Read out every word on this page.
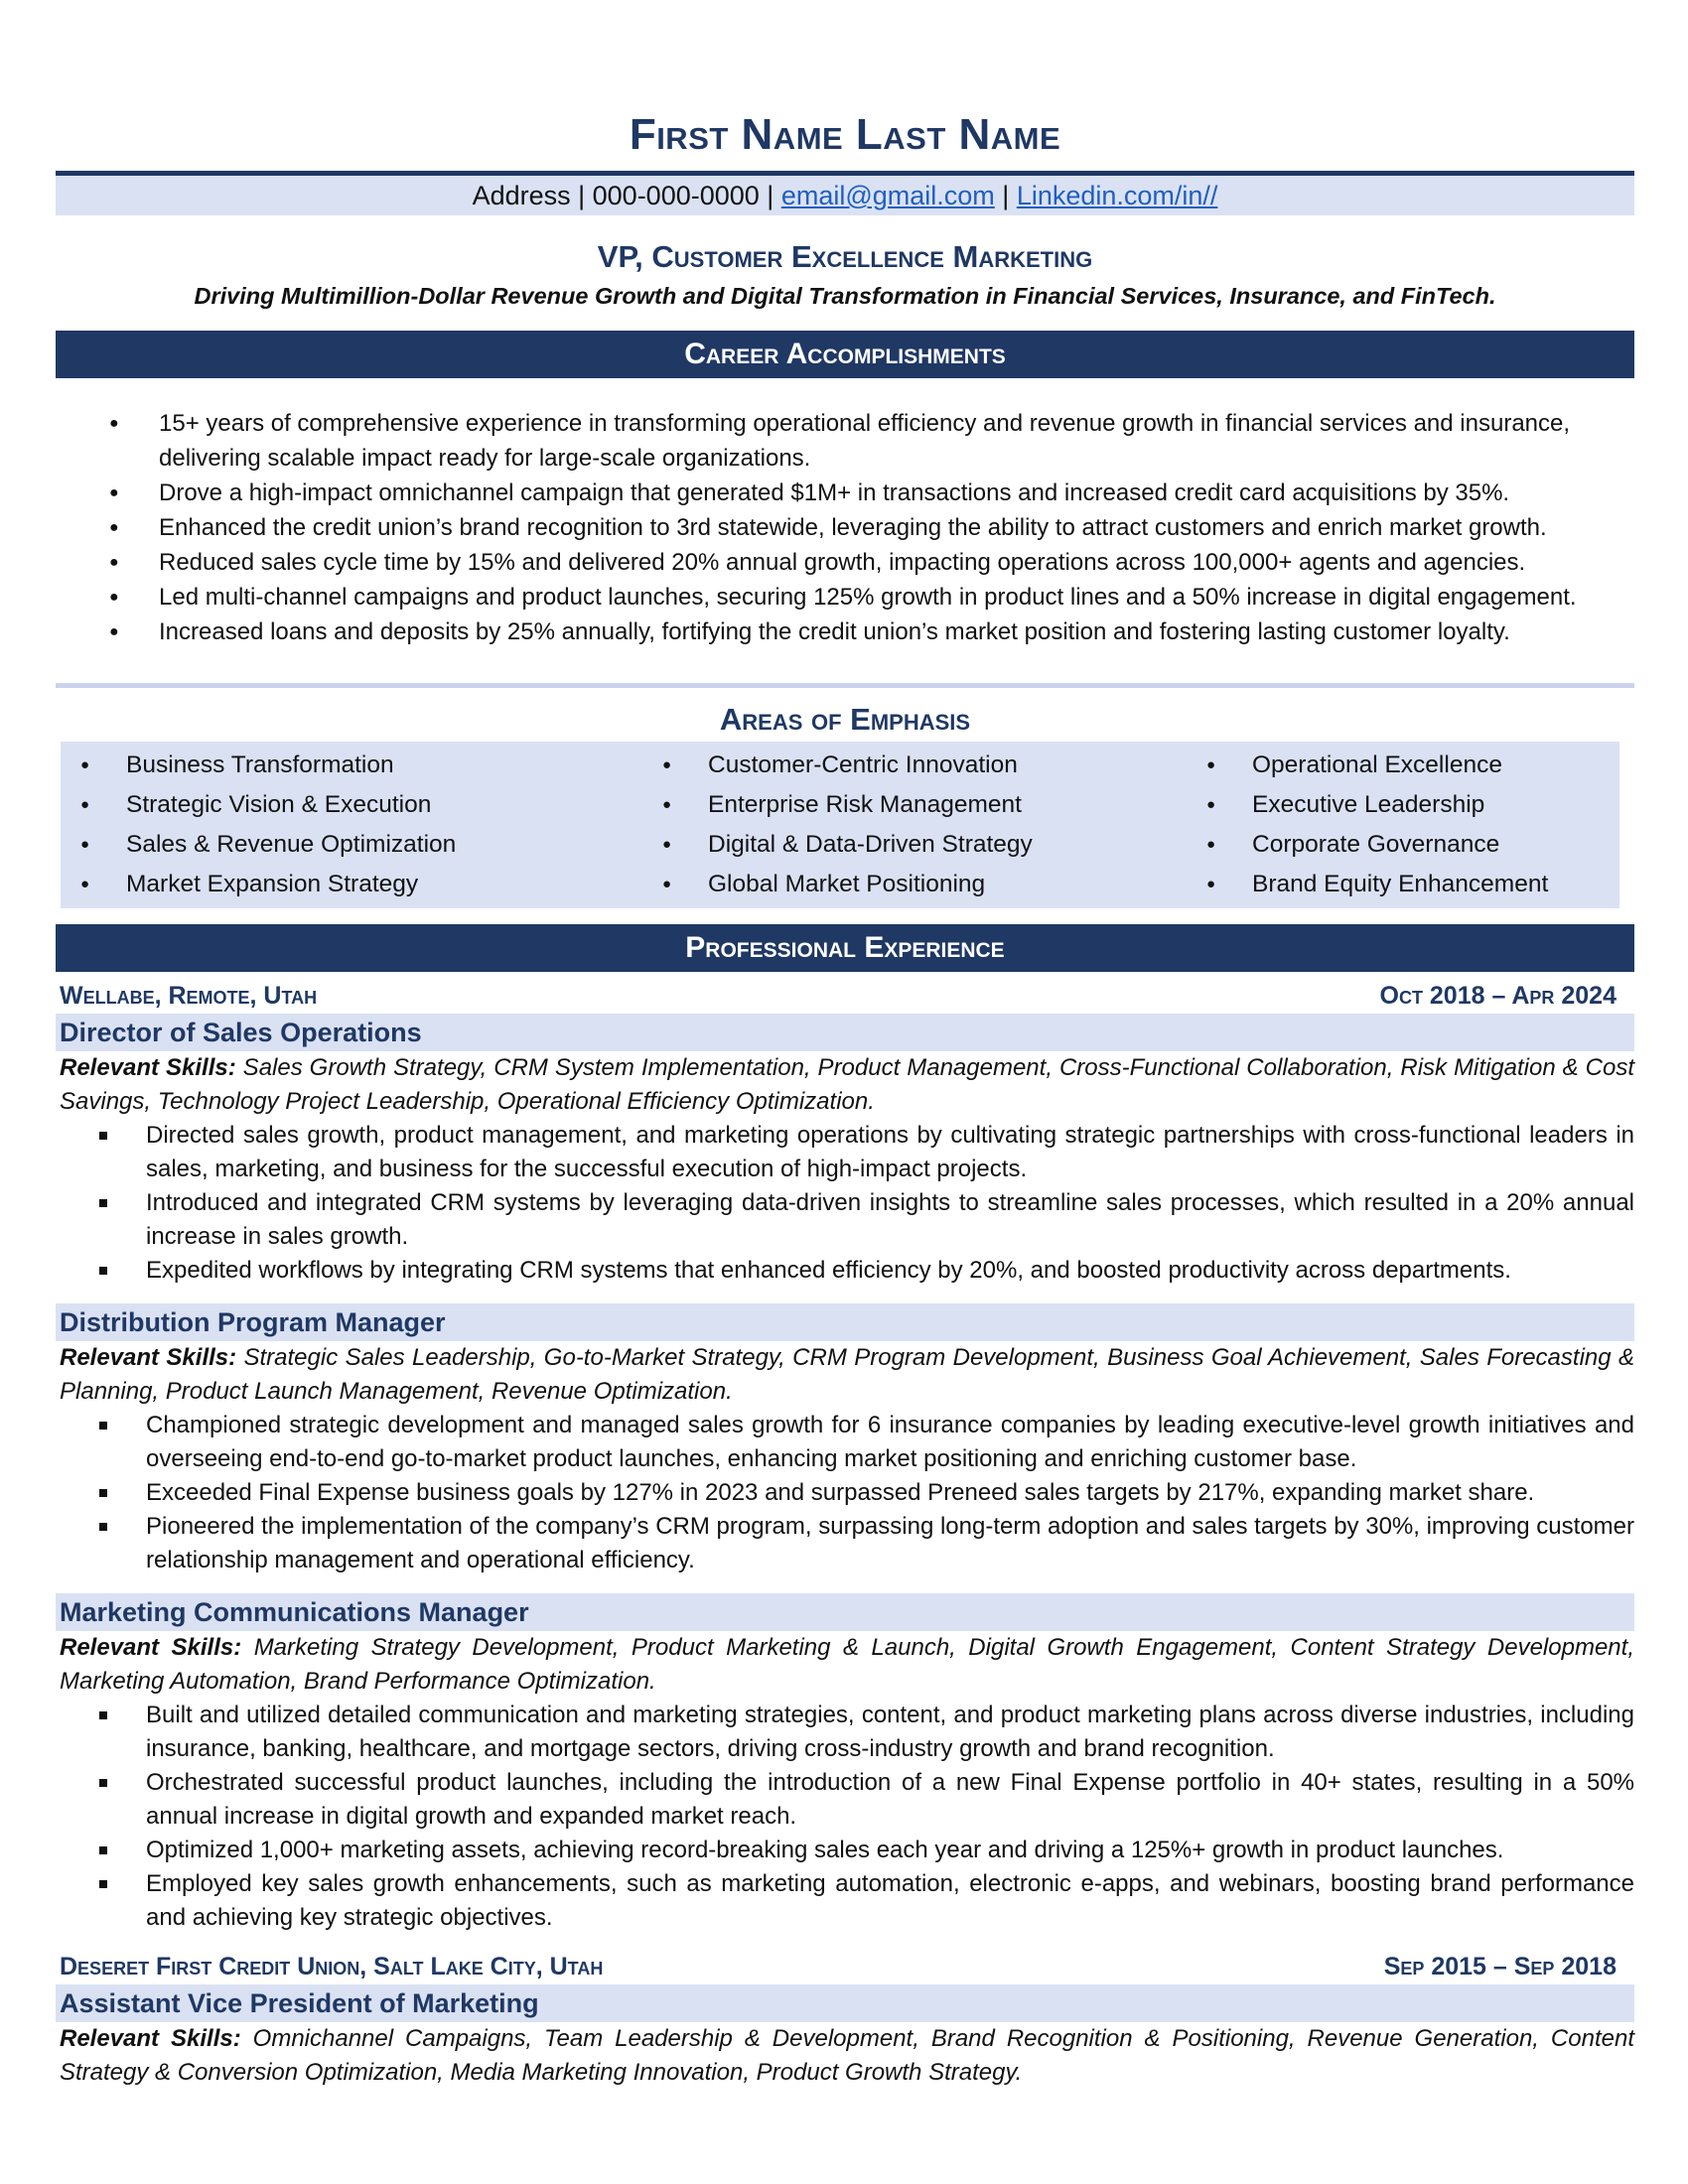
First Name Last Name
Address | 000-000-0000 | email@gmail.com | Linkedin.com/in//
VP, Customer Excellence Marketing
Driving Multimillion-Dollar Revenue Growth and Digital Transformation in Financial Services, Insurance, and FinTech.
Career Accomplishments
● 15+ years of comprehensive experience in transforming operational efficiency and revenue growth in financial services and insurance, delivering scalable impact ready for large-scale organizations.
● Drove a high-impact omnichannel campaign that generated $1M+ in transactions and increased credit card acquisitions by 35%.
● Enhanced the credit union’s brand recognition to 3rd statewide, leveraging the ability to attract customers and enrich market growth.
● Reduced sales cycle time by 15% and delivered 20% annual growth, impacting operations across 100,000+ agents and agencies.
● Led multi-channel campaigns and product launches, securing 125% growth in product lines and a 50% increase in digital engagement.
● Increased loans and deposits by 25% annually, fortifying the credit union’s market position and fostering lasting customer loyalty.
Areas of Emphasis
● Business Transformation	● Customer-Centric Innovation	● Operational Excellence
● Strategic Vision & Execution	● Enterprise Risk Management	● Executive Leadership
● Sales & Revenue Optimization	● Digital & Data-Driven Strategy	● Corporate Governance
● Market Expansion Strategy	● Global Market Positioning	● Brand Equity Enhancement
Professional Experience
Wellabe, Remote, Utah	Oct 2018 – Apr 2024
Director of Sales Operations
Relevant Skills: Sales Growth Strategy, CRM System Implementation, Product Management, Cross-Functional Collaboration, Risk Mitigation & Cost Savings, Technology Project Leadership, Operational Efficiency Optimization.
Directed sales growth, product management, and marketing operations by cultivating strategic partnerships with cross-functional leaders in sales, marketing, and business for the successful execution of high-impact projects.
Introduced and integrated CRM systems by leveraging data-driven insights to streamline sales processes, which resulted in a 20% annual increase in sales growth.
Expedited workflows by integrating CRM systems that enhanced efficiency by 20%, and boosted productivity across departments.
Distribution Program Manager
Relevant Skills: Strategic Sales Leadership, Go-to-Market Strategy, CRM Program Development, Business Goal Achievement, Sales Forecasting & Planning, Product Launch Management, Revenue Optimization.
Championed strategic development and managed sales growth for 6 insurance companies by leading executive-level growth initiatives and overseeing end-to-end go-to-market product launches, enhancing market positioning and enriching customer base.
Exceeded Final Expense business goals by 127% in 2023 and surpassed Preneed sales targets by 217%, expanding market share.
Pioneered the implementation of the company’s CRM program, surpassing long-term adoption and sales targets by 30%, improving customer relationship management and operational efficiency.
Marketing Communications Manager
Relevant Skills: Marketing Strategy Development, Product Marketing & Launch, Digital Growth Engagement, Content Strategy Development, Marketing Automation, Brand Performance Optimization.
Built and utilized detailed communication and marketing strategies, content, and product marketing plans across diverse industries, including insurance, banking, healthcare, and mortgage sectors, driving cross-industry growth and brand recognition.
Orchestrated successful product launches, including the introduction of a new Final Expense portfolio in 40+ states, resulting in a 50% annual increase in digital growth and expanded market reach.
Optimized 1,000+ marketing assets, achieving record-breaking sales each year and driving a 125%+ growth in product launches.
Employed key sales growth enhancements, such as marketing automation, electronic e-apps, and webinars, boosting brand performance and achieving key strategic objectives.
Deseret First Credit Union, Salt Lake City, Utah	Sep 2015 – Sep 2018
Assistant Vice President of Marketing
Relevant Skills: Omnichannel Campaigns, Team Leadership & Development, Brand Recognition & Positioning, Revenue Generation, Content Strategy & Conversion Optimization, Media Marketing Innovation, Product Growth Strategy.
